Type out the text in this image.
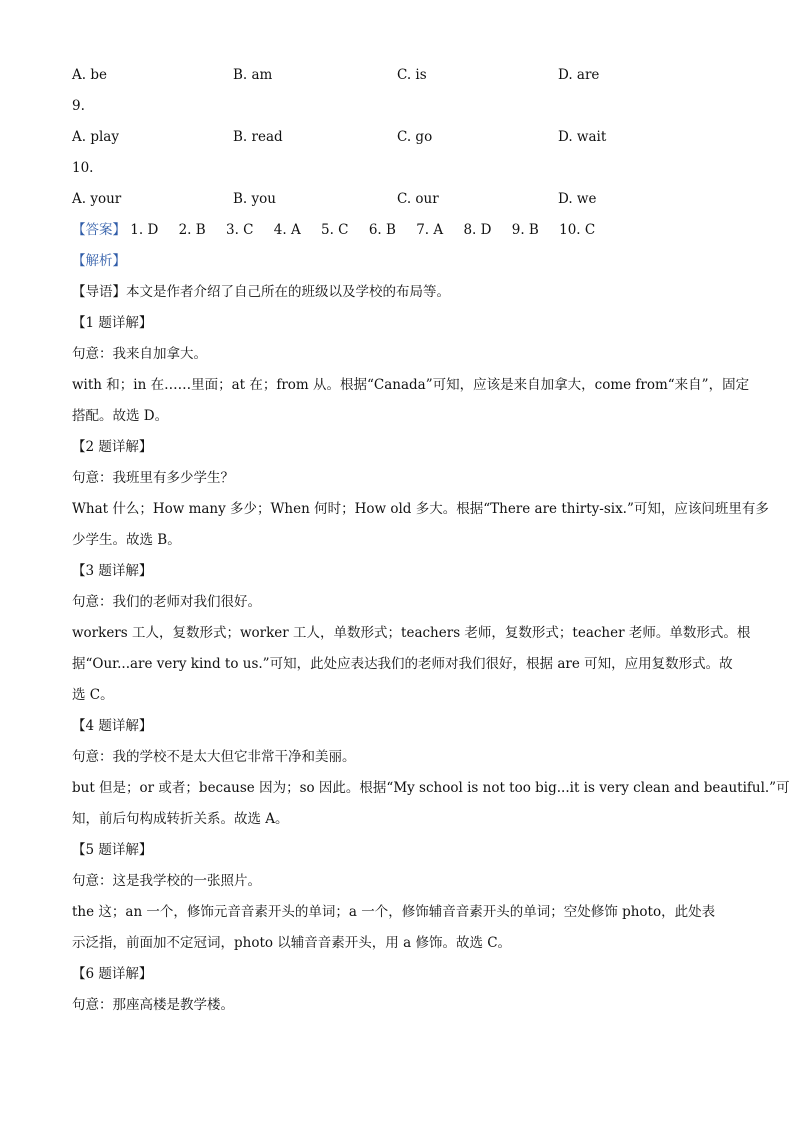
A. be	B. am	C. is	D. are
9.
A. play	B. read	C. go	D. wait
10.
A. your	B. you	C. our	D. we
【答案】 1. D 2. B 3. C 4. A 5. C 6. B 7. A 8. D 9. B 10. C
【解析】
【导语】本文是作者介绍了自己所在的班级以及学校的布局等。
【1 题详解】
句意：我来自加拿大。
with 和；in 在……里面；at 在；from 从。根据“Canada”可知，应该是来自加拿大，come from“来自”，固定
搭配。故选 D。
【2 题详解】
句意：我班里有多少学生？
What 什么；How many 多少；When 何时；How old 多大。根据“There are thirty-six.”可知，应该问班里有多
少学生。故选 B。
【3 题详解】
句意：我们的老师对我们很好。
workers 工人，复数形式；worker 工人，单数形式；teachers 老师，复数形式；teacher 老师。单数形式。根
据“Our...are very kind to us.”可知，此处应表达我们的老师对我们很好，根据 are 可知，应用复数形式。故
选 C。
【4 题详解】
句意：我的学校不是太大但它非常干净和美丽。
but 但是；or 或者；because 因为；so 因此。根据“My school is not too big...it is very clean and beautiful.”可
知，前后句构成转折关系。故选 A。
【5 题详解】
句意：这是我学校的一张照片。
the 这；an 一个，修饰元音音素开头的单词；a 一个，修饰辅音音素开头的单词；空处修饰 photo，此处表
示泛指，前面加不定冠词，photo 以辅音音素开头，用 a 修饰。故选 C。
【6 题详解】
句意：那座高楼是教学楼。
